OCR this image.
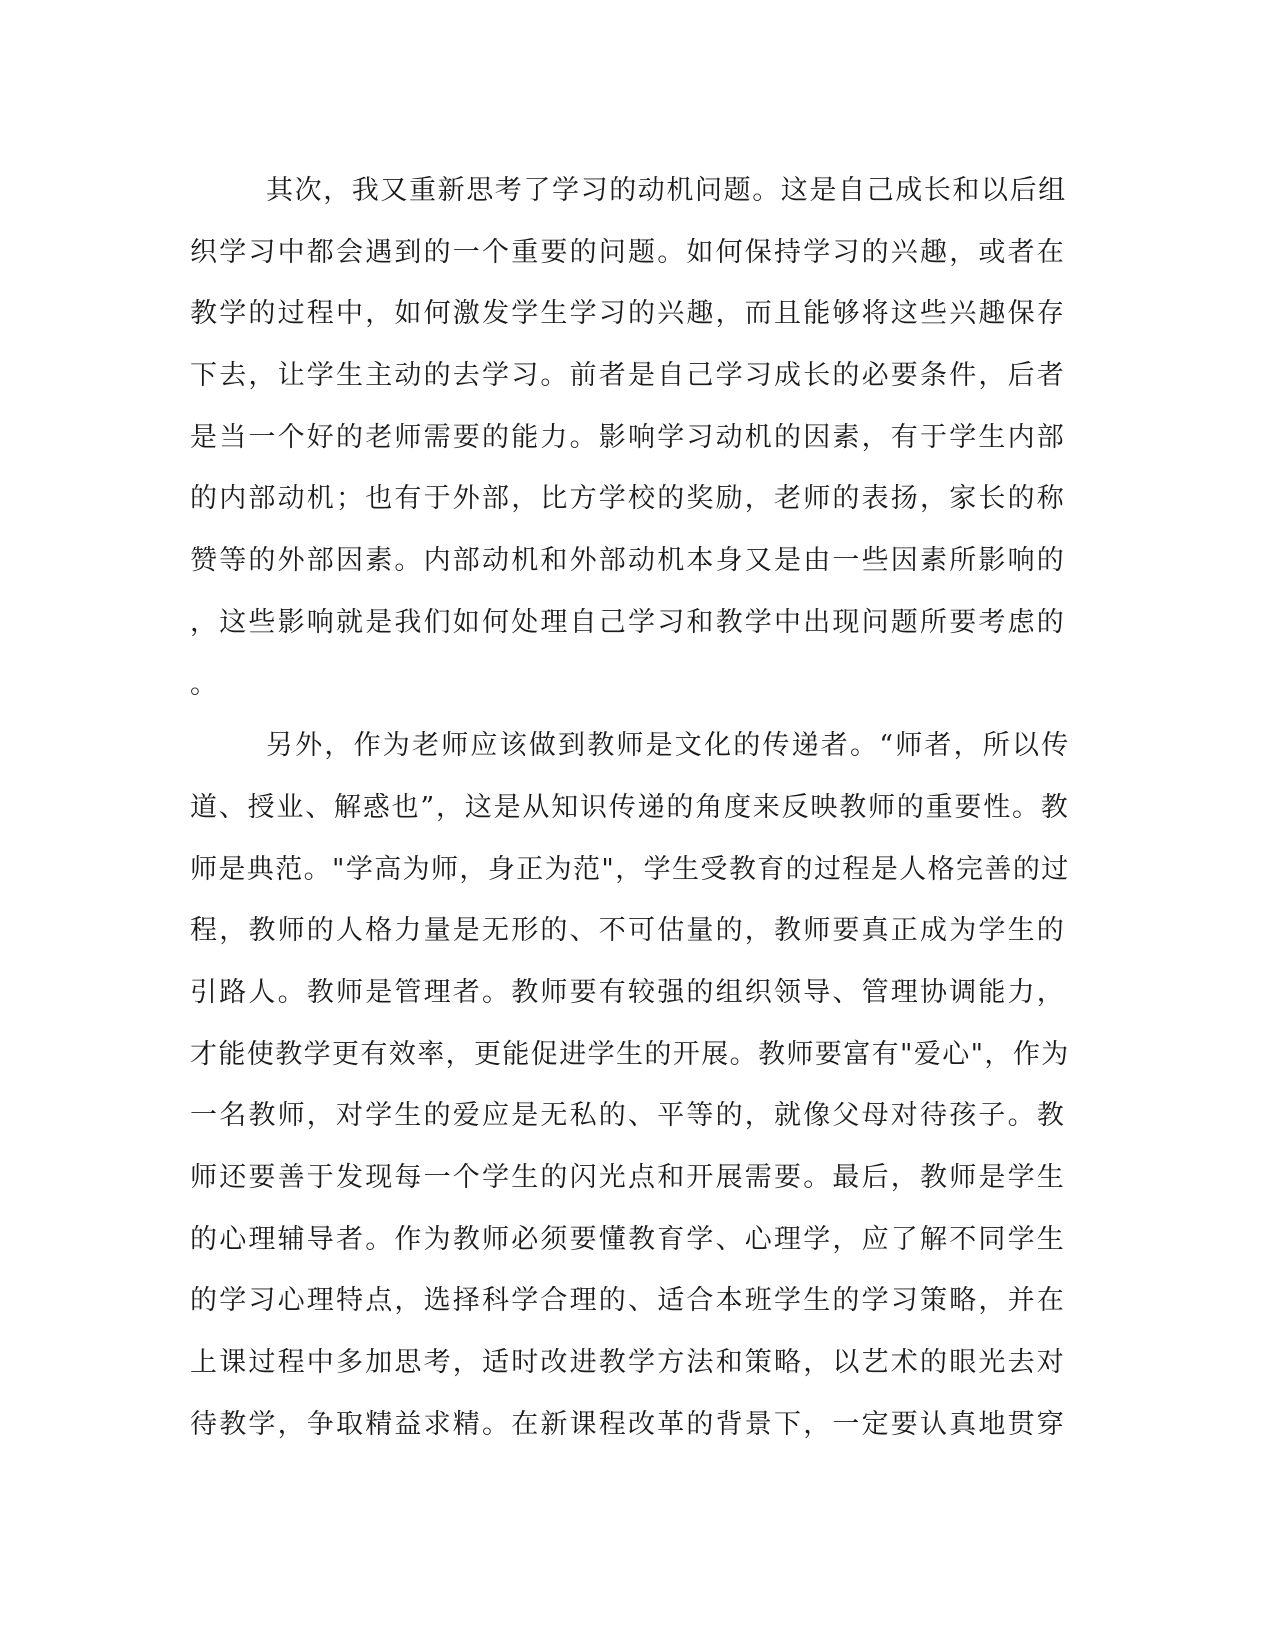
其次，我又重新思考了学习的动机问题。这是自己成长和以后组
织学习中都会遇到的一个重要的问题。如何保持学习的兴趣，或者在
教学的过程中，如何激发学生学习的兴趣，而且能够将这些兴趣保存
下去，让学生主动的去学习。前者是自己学习成长的必要条件，后者
是当一个好的老师需要的能力。影响学习动机的因素，有于学生内部
的内部动机；也有于外部，比方学校的奖励，老师的表扬，家长的称
赞等的外部因素。内部动机和外部动机本身又是由一些因素所影响的
，这些影响就是我们如何处理自己学习和教学中出现问题所要考虑的
。
另外，作为老师应该做到教师是文化的传递者。“师者，所以传
道、授业、解惑也”，这是从知识传递的角度来反映教师的重要性。教
师是典范。"学高为师，身正为范"，学生受教育的过程是人格完善的过
程，教师的人格力量是无形的、不可估量的，教师要真正成为学生的
引路人。教师是管理者。教师要有较强的组织领导、管理协调能力，
才能使教学更有效率，更能促进学生的开展。教师要富有"爱心"，作为
一名教师，对学生的爱应是无私的、平等的，就像父母对待孩子。教
师还要善于发现每一个学生的闪光点和开展需要。最后，教师是学生
的心理辅导者。作为教师必须要懂教育学、心理学，应了解不同学生
的学习心理特点，选择科学合理的、适合本班学生的学习策略，并在
上课过程中多加思考，适时改进教学方法和策略，以艺术的眼光去对
待教学，争取精益求精。在新课程改革的背景下，一定要认真地贯穿
